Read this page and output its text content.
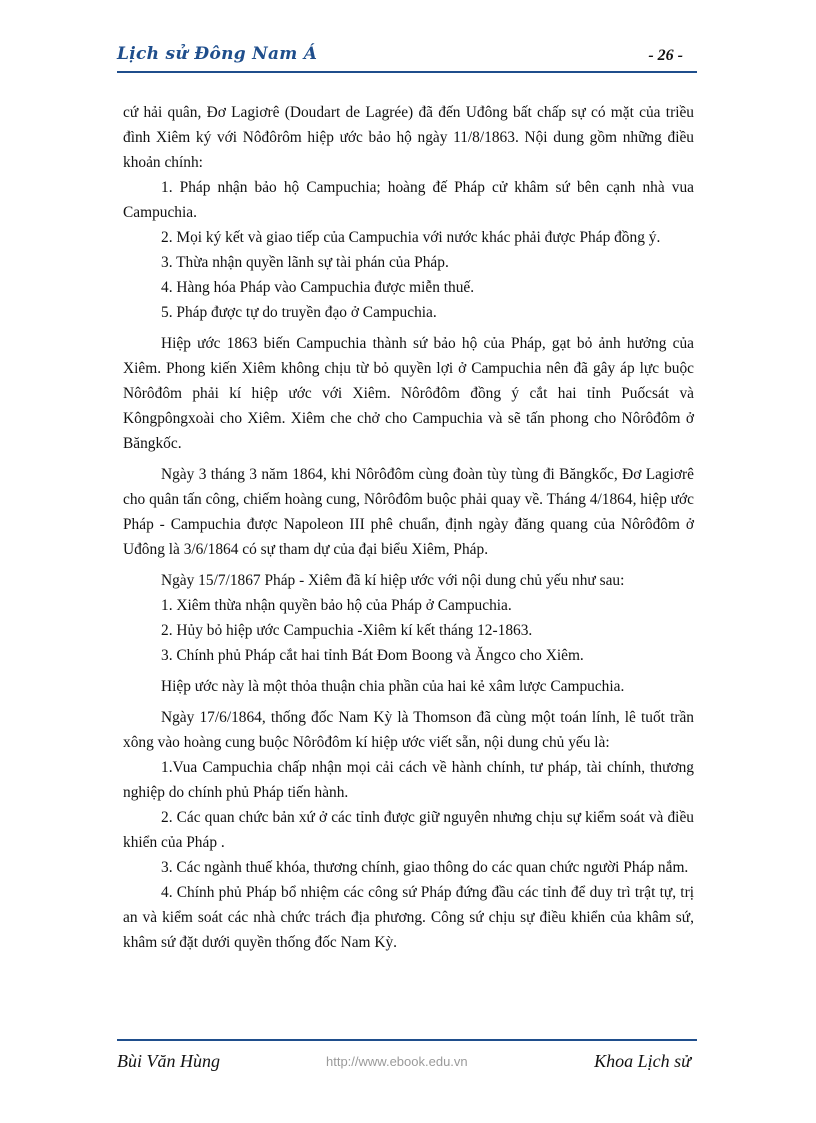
Lịch sử Đông Nam Á	- 26 -

cứ hải quân, Đơ Lagiơrê (Doudart de Lagrée) đã đến Uđông bất chấp sự có mặt của triều đình Xiêm ký với Nôđôrôm hiệp ước bảo hộ ngày 11/8/1863. Nội dung gồm những điều khoản chính:

1. Pháp nhận bảo hộ Campuchia; hoàng đế Pháp cử khâm sứ bên cạnh nhà vua Campuchia.

2. Mọi ký kết và giao tiếp của Campuchia với nước khác phải được Pháp đồng ý.

3. Thừa nhận quyền lãnh sự tài phán của Pháp.

4. Hàng hóa Pháp vào Campuchia được miễn thuế.

5. Pháp được tự do truyền đạo ở Campuchia.

Hiệp ước 1863 biến Campuchia thành sứ bảo hộ của Pháp, gạt bỏ ảnh hưởng của Xiêm. Phong kiến Xiêm không chịu từ bỏ quyền lợi ở Campuchia nên đã gây áp lực buộc Nôrôđôm phải kí hiệp ước với Xiêm. Nôrôđôm đồng ý cắt hai tỉnh Puốcsát và Kôngpôngxoài cho Xiêm. Xiêm che chở cho Campuchia và sẽ tấn phong cho Nôrôđôm ở Băngkốc.

Ngày 3 tháng 3 năm 1864, khi Nôrôđôm cùng đoàn tùy tùng đi Băngkốc, Đơ Lagiơrê cho quân tấn công, chiếm hoàng cung, Nôrôđôm buộc phải quay về. Tháng 4/1864, hiệp ước Pháp - Campuchia được Napoleon III phê chuẩn, định ngày đăng quang của Nôrôđôm ở Uđông là 3/6/1864 có sự tham dự của đại biểu Xiêm, Pháp.

Ngày 15/7/1867 Pháp - Xiêm đã kí hiệp ước với nội dung chủ yếu như sau:

1. Xiêm thừa nhận quyền bảo hộ của Pháp ở Campuchia.

2. Hủy bỏ hiệp ước Campuchia -Xiêm kí kết tháng 12-1863.

3. Chính phủ Pháp cắt hai tỉnh Bát Đom Boong và Ăngco cho Xiêm.

Hiệp ước này là một thỏa thuận chia phần của hai kẻ xâm lược Campuchia.

Ngày 17/6/1864, thống đốc Nam Kỳ là Thomson đã cùng một toán lính, lê tuốt trần xông vào hoàng cung buộc Nôrôđôm kí hiệp ước viết sẵn, nội dung chủ yếu là:

1.Vua Campuchia chấp nhận mọi cải cách về hành chính, tư pháp, tài chính, thương nghiệp do chính phủ Pháp tiến hành.

2. Các quan chức bản xứ ở các tỉnh được giữ nguyên nhưng chịu sự kiểm soát và điều khiển của Pháp .

3. Các ngành thuế khóa, thương chính, giao thông do các quan chức người Pháp nắm.

4. Chính phủ Pháp bổ nhiệm các công sứ Pháp đứng đầu các tỉnh để duy trì trật tự, trị an và kiểm soát các nhà chức trách địa phương. Công sứ chịu sự điều khiển của khâm sứ, khâm sứ đặt dưới quyền thống đốc Nam Kỳ.

Bùi Văn Hùng	http://www.ebook.edu.vn	Khoa Lịch sử
